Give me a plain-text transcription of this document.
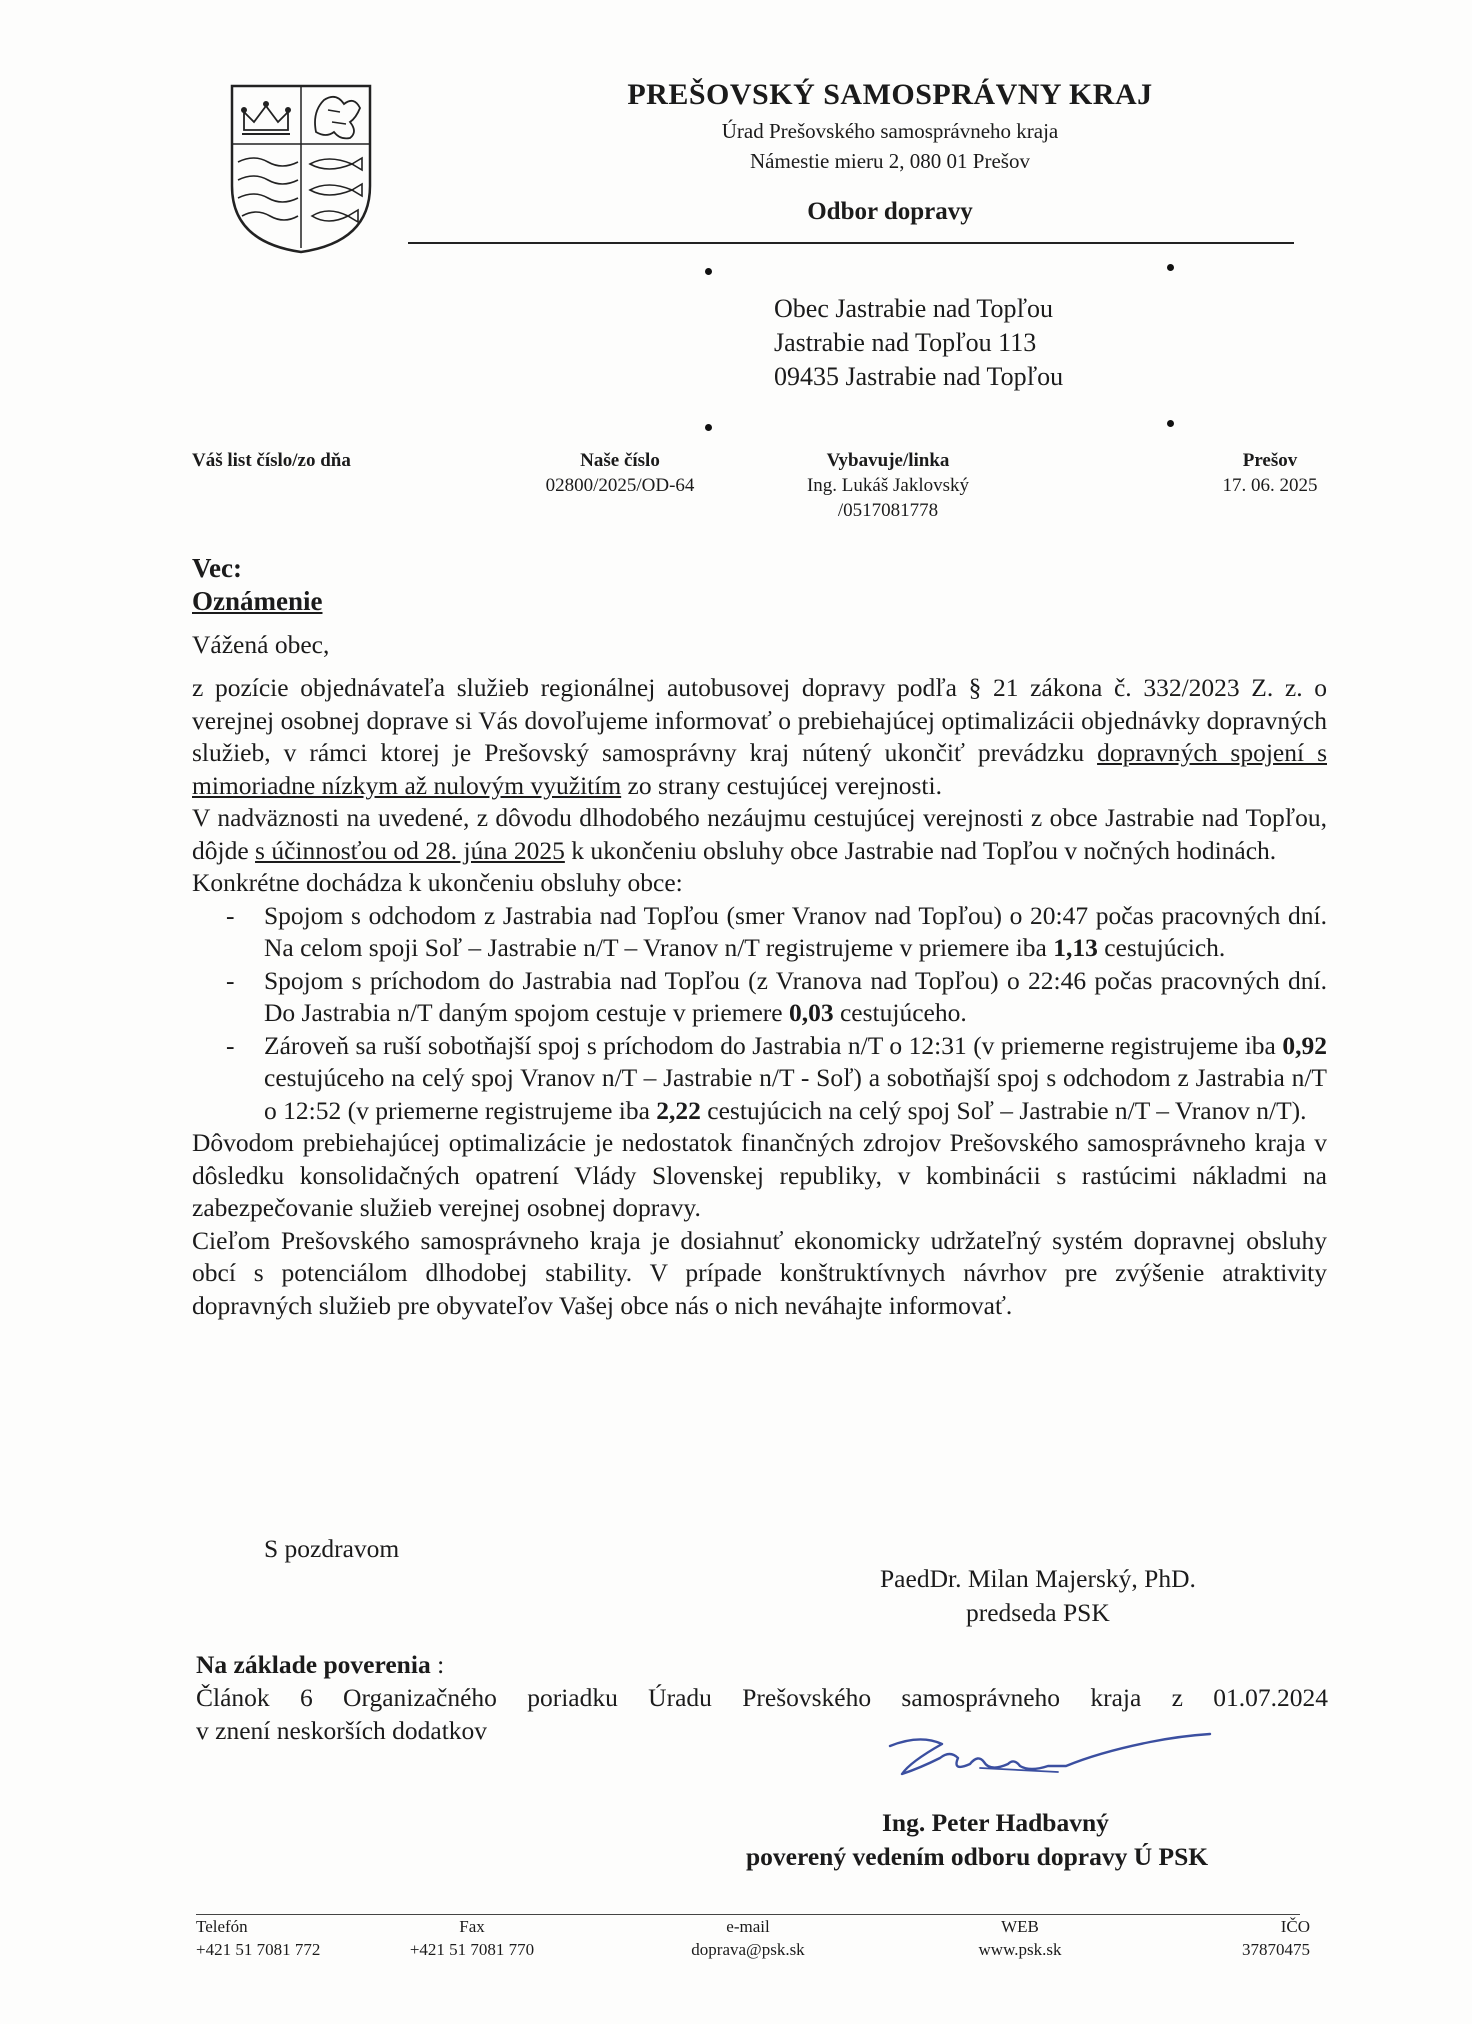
PREŠOVSKÝ SAMOSPRÁVNY KRAJ
Úrad Prešovského samosprávneho kraja
Námestie mieru 2, 080 01 Prešov
Odbor dopravy
Obec Jastrabie nad Topľou
Jastrabie nad Topľou 113
09435 Jastrabie nad Topľou
Váš list číslo/zo dňa	Naše číslo
02800/2025/OD-64
Vybavuje/linka
Ing. Lukáš Jaklovský
/0517081778
Prešov
17. 06. 2025
Vec:
Oznámenie
Vážená obec,

z pozície objednávateľa služieb regionálnej autobusovej dopravy podľa § 21 zákona č. 332/2023 Z. z. o verejnej osobnej doprave si Vás dovoľujeme informovať o prebiehajúcej optimalizácii objednávky dopravných služieb, v rámci ktorej je Prešovský samosprávny kraj nútený ukončiť prevádzku dopravných spojení s mimoriadne nízkym až nulovým využitím zo strany cestujúcej verejnosti.

V nadväznosti na uvedené, z dôvodu dlhodobého nezáujmu cestujúcej verejnosti z obce Jastrabie nad Topľou, dôjde s účinnosťou od 28. júna 2025 k ukončeniu obsluhy obce Jastrabie nad Topľou v nočných hodinách.

Konkrétne dochádza k ukončeniu obsluhy obce:

- Spojom s odchodom z Jastrabia nad Topľou (smer Vranov nad Topľou) o 20:47 počas pracovných dní. Na celom spoji Soľ – Jastrabie n/T – Vranov n/T registrujeme v priemere iba 1,13 cestujúcich.
- Spojom s príchodom do Jastrabia nad Topľou (z Vranova nad Topľou) o 22:46 počas pracovných dní. Do Jastrabia n/T daným spojom cestuje v priemere 0,03 cestujúceho.
- Zároveň sa ruší sobotňajší spoj s príchodom do Jastrabia n/T o 12:31 (v priemerne registrujeme iba 0,92 cestujúceho na celý spoj Vranov n/T – Jastrabie n/T - Soľ) a sobotňajší spoj s odchodom z Jastrabia n/T o 12:52 (v priemerne registrujeme iba 2,22 cestujúcich na celý spoj Soľ – Jastrabie n/T – Vranov n/T).

Dôvodom prebiehajúcej optimalizácie je nedostatok finančných zdrojov Prešovského samosprávneho kraja v dôsledku konsolidačných opatrení Vlády Slovenskej republiky, v kombinácii s rastúcimi nákladmi na zabezpečovanie služieb verejnej osobnej dopravy.

Cieľom Prešovského samosprávneho kraja je dosiahnuť ekonomicky udržateľný systém dopravnej obsluhy obcí s potenciálom dlhodobej stability. V prípade konštruktívnych návrhov pre zvýšenie atraktivity dopravných služieb pre obyvateľov Vašej obce nás o nich neváhajte informovať.

S pozdravom
PaedDr. Milan Majerský, PhD.
predseda PSK
Na základe poverenia :
Článok 6 Organizačného poriadku Úradu Prešovského samosprávneho kraja z 01.07.2024
v znení neskorších dodatkov
Ing. Peter Hadbavný
poverený vedením odboru dopravy Ú PSK
Telefón
+421 51 7081 772
Fax
+421 51 7081 770
e-mail
doprava@psk.sk
WEB
www.psk.sk
IČO
37870475
